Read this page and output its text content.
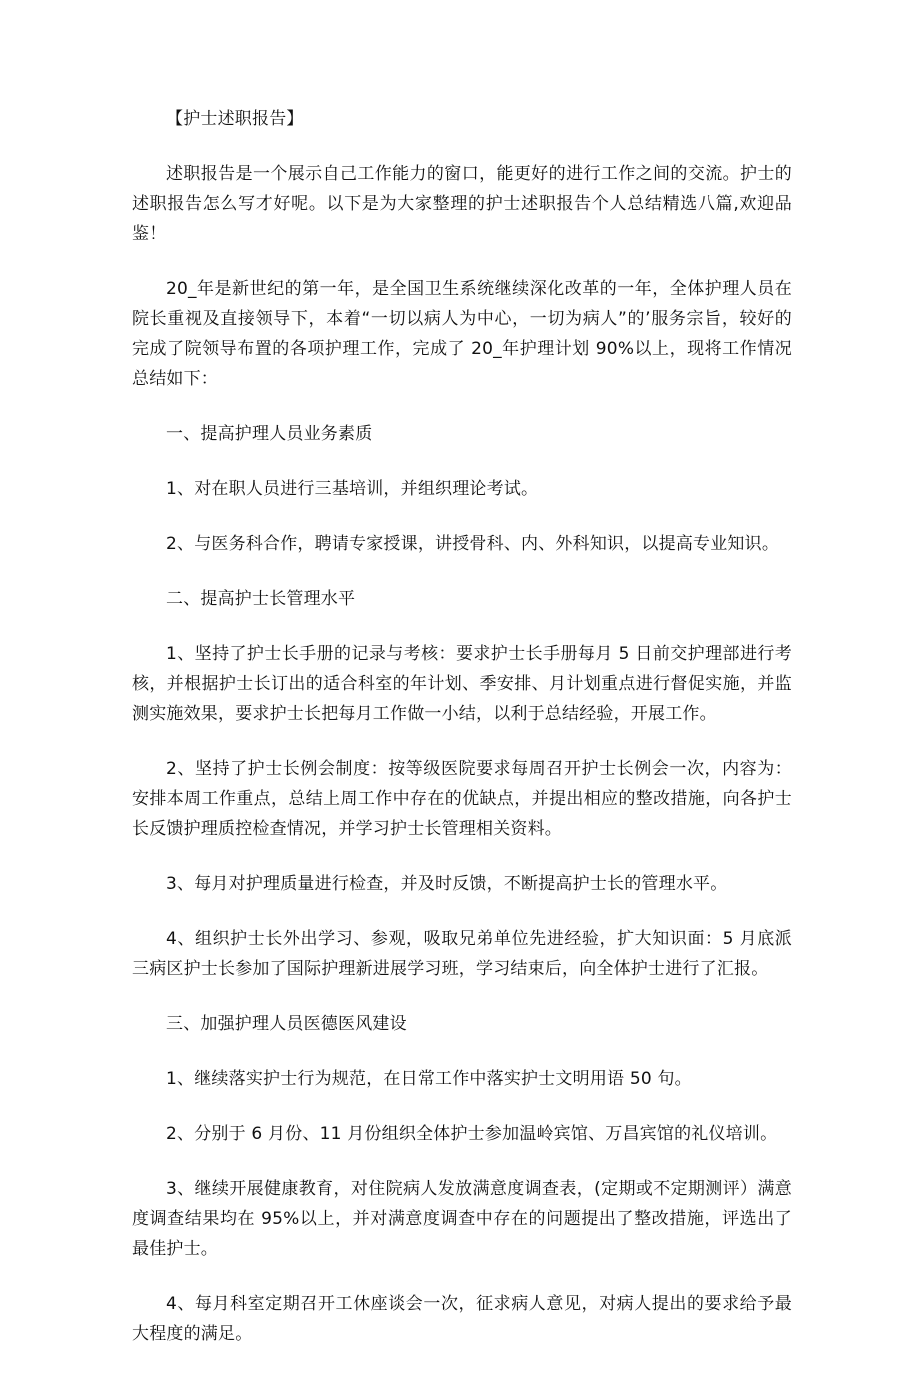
【护士述职报告】

述职报告是一个展示自己工作能力的窗口，能更好的进行工作之间的交流。护士的述职报告怎么写才好呢。以下是为大家整理的护士述职报告个人总结精选八篇,欢迎品鉴！

20_年是新世纪的第一年，是全国卫生系统继续深化改革的一年，全体护理人员在院长重视及直接领导下，本着“一切以病人为中心，一切为病人”的’服务宗旨，较好的完成了院领导布置的各项护理工作，完成了 20_年护理计划 90%以上，现将工作情况总结如下：

一、提高护理人员业务素质

1、对在职人员进行三基培训，并组织理论考试。

2、与医务科合作，聘请专家授课，讲授骨科、内、外科知识，以提高专业知识。

二、提高护士长管理水平

1、坚持了护士长手册的记录与考核：要求护士长手册每月 5 日前交护理部进行考核，并根据护士长订出的适合科室的年计划、季安排、月计划重点进行督促实施，并监测实施效果，要求护士长把每月工作做一小结，以利于总结经验，开展工作。

2、坚持了护士长例会制度：按等级医院要求每周召开护士长例会一次，内容为：安排本周工作重点，总结上周工作中存在的优缺点，并提出相应的整改措施，向各护士长反馈护理质控检查情况，并学习护士长管理相关资料。

3、每月对护理质量进行检查，并及时反馈，不断提高护士长的管理水平。

4、组织护士长外出学习、参观，吸取兄弟单位先进经验，扩大知识面：5 月底派三病区护士长参加了国际护理新进展学习班，学习结束后，向全体护士进行了汇报。

三、加强护理人员医德医风建设

1、继续落实护士行为规范，在日常工作中落实护士文明用语 50 句。

2、分别于 6 月份、11 月份组织全体护士参加温岭宾馆、万昌宾馆的礼仪培训。

3、继续开展健康教育，对住院病人发放满意度调查表，(定期或不定期测评）满意度调查结果均在 95%以上，并对满意度调查中存在的问题提出了整改措施，评选出了最佳护士。

4、每月科室定期召开工休座谈会一次，征求病人意见，对病人提出的要求给予最大程度的满足。
